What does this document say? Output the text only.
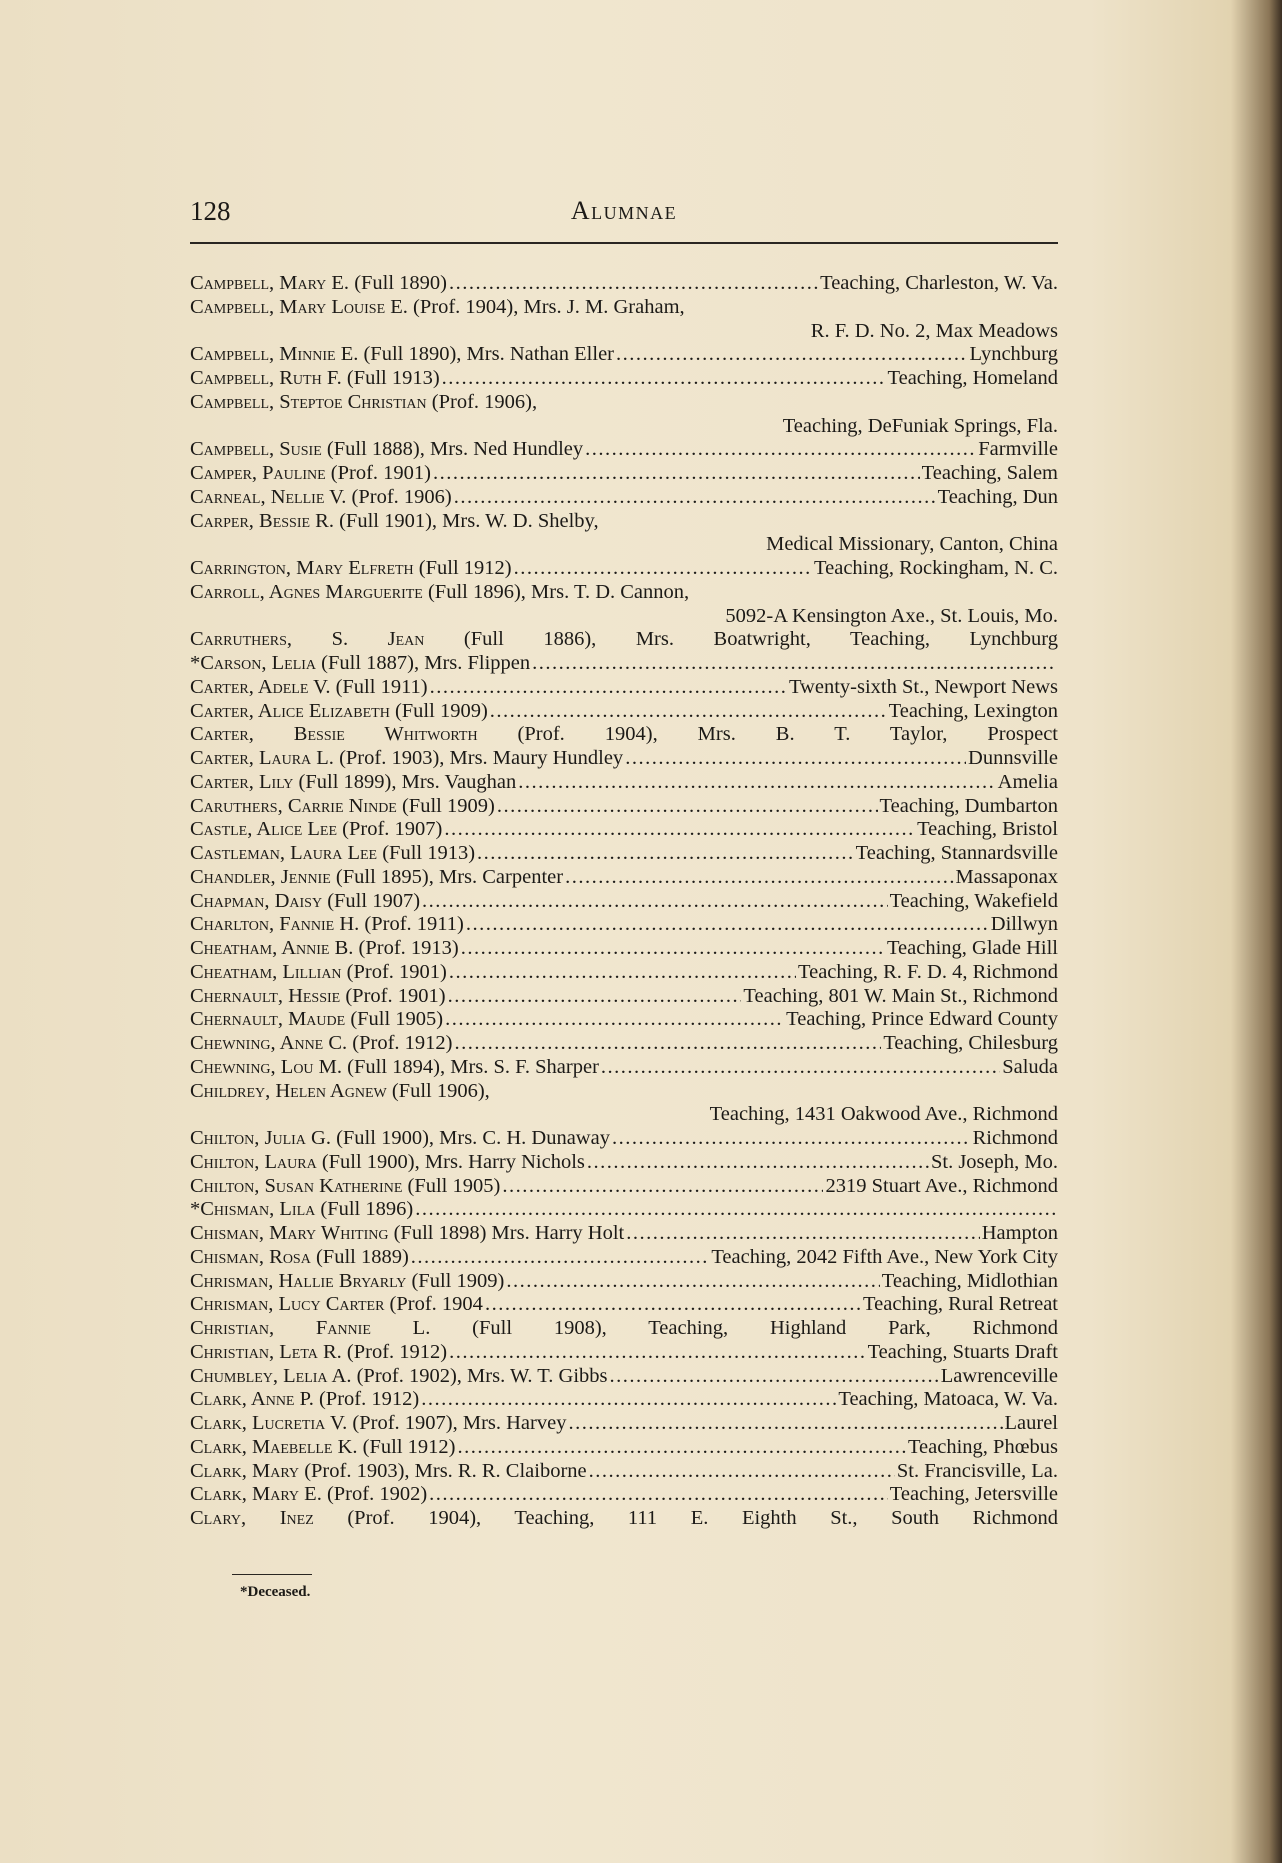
128	Alumnae
Campbell, Mary E. (Full 1890) .....	Teaching, Charleston, W. Va.
Campbell, Mary Louise E. (Prof. 1904), Mrs. J. M. Graham,
R. F. D. No. 2, Max Meadows
Campbell, Minnie E. (Full 1890), Mrs. Nathan Eller .....	Lynchburg
Campbell, Ruth F. (Full 1913) .....	Teaching, Homeland
Campbell, Steptoe Christian (Prof. 1906),
Teaching, DeFuniak Springs, Fla.
Campbell, Susie (Full 1888), Mrs. Ned Hundley .....	Farmville
Camper, Pauline (Prof. 1901) .....	Teaching, Salem
Carneal, Nellie V. (Prof. 1906) .....	Teaching, Dun
Carper, Bessie R. (Full 1901), Mrs. W. D. Shelby,
Medical Missionary, Canton, China
Carrington, Mary Elfreth (Full 1912) .....	Teaching, Rockingham, N. C.
Carroll, Agnes Marguerite (Full 1896), Mrs. T. D. Cannon,
5092-A Kensington Axe., St. Louis, Mo.
Carruthers, S. Jean (Full 1886), Mrs. Boatwright, Teaching, Lynchburg
*Carson, Lelia (Full 1887), Mrs. Flippen
.....
Carter, Adele V. (Full 1911) .....	Twenty-sixth St., Newport News
Carter, Alice Elizabeth (Full 1909) .....	Teaching, Lexington
Carter, Bessie Whitworth (Prof. 1904), Mrs. B. T. Taylor, Prospect
Carter, Laura L. (Prof. 1903), Mrs. Maury Hundley .....	Dunnsville
Carter, Lily (Full 1899), Mrs. Vaughan .....	Amelia
Caruthers, Carrie Ninde (Full 1909) .....	Teaching, Dumbarton
Castle, Alice Lee (Prof. 1907) .....	Teaching, Bristol
Castleman, Laura Lee (Full 1913) .....	Teaching, Stannardsville
Chandler, Jennie (Full 1895), Mrs. Carpenter .....	Massaponax
Chapman, Daisy (Full 1907) .....	Teaching, Wakefield
Charlton, Fannie H. (Prof. 1911) .....	Dillwyn
Cheatham, Annie B. (Prof. 1913) .....	Teaching, Glade Hill
Cheatham, Lillian (Prof. 1901) .....	Teaching, R. F. D. 4, Richmond
Chernault, Hessie (Prof. 1901) .....	Teaching, 801 W. Main St., Richmond
Chernault, Maude (Full 1905) .....	Teaching, Prince Edward County
Chewning, Anne C. (Prof. 1912) .....	Teaching, Chilesburg
Chewning, Lou M. (Full 1894), Mrs. S. F. Sharper .....	Saluda
Childrey, Helen Agnew (Full 1906),
Teaching, 1431 Oakwood Ave., Richmond
Chilton, Julia G. (Full 1900), Mrs. C. H. Dunaway .....	Richmond
Chilton, Laura (Full 1900), Mrs. Harry Nichols .....	St. Joseph, Mo.
Chilton, Susan Katherine (Full 1905) .....	2319 Stuart Ave., Richmond
*Chisman, Lila (Full 1896)
.....
Chisman, Mary Whiting (Full 1898) Mrs. Harry Holt .....	Hampton
Chisman, Rosa (Full 1889) .....	Teaching, 2042 Fifth Ave., New York City
Chrisman, Hallie Bryarly (Full 1909) .....	Teaching, Midlothian
Chrisman, Lucy Carter (Prof. 1904 .....	Teaching, Rural Retreat
Christian, Fannie L. (Full 1908), Teaching, Highland Park, Richmond
Christian, Leta R. (Prof. 1912) .....	Teaching, Stuarts Draft
Chumbley, Lelia A. (Prof. 1902), Mrs. W. T. Gibbs .....	Lawrenceville
Clark, Anne P. (Prof. 1912) .....	Teaching, Matoaca, W. Va.
Clark, Lucretia V. (Prof. 1907), Mrs. Harvey .....	Laurel
Clark, Maebelle K. (Full 1912) .....	Teaching, Phœbus
Clark, Mary (Prof. 1903), Mrs. R. R. Claiborne .....	St. Francisville, La.
Clark, Mary E. (Prof. 1902) .....	Teaching, Jetersville
Clary, Inez (Prof. 1904), Teaching, 111 E. Eighth St., South Richmond
*Deceased.
